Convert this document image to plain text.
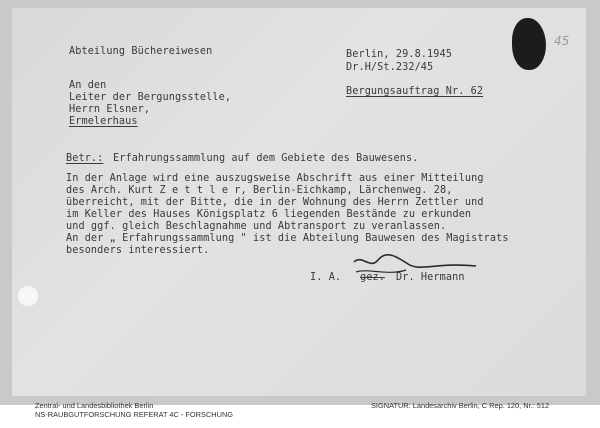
45

Abteilung Büchereiwesen	Berlin, 29.8.1945

Dr.H/St.232/45

An den

Leiter der Bergungsstelle,

Herrn Elsner,

Ermelerhaus

Bergungsauftrag Nr. 62

Betr.: Erfahrungssammlung auf dem Gebiete des Bauwesens.

In der Anlage wird eine auszugsweise Abschrift aus einer Mitteilung

des Arch. Kurt Z e t t l e r, Berlin-Eichkamp, Lärchenweg. 28,

überreicht, mit der Bitte, die in der Wohnung des Herrn Zettler und

im Keller des Hauses Königsplatz 6 liegenden Bestände zu erkunden

und ggf. gleich Beschlagnahme und Abtransport zu veranlassen.

An der „ Erfahrungssammlung " ist die Abteilung Bauwesen des Magistrats

besonders interessiert.

I. A. gez. Dr. Hermann

Zentral- und Landesbibliothek Berlin
NS-RAUBGUTFORSCHUNG REFERAT 4C - FORSCHUNG
SIGNATUR: Landesarchiv Berlin, C Rep. 120, Nr.: 512
